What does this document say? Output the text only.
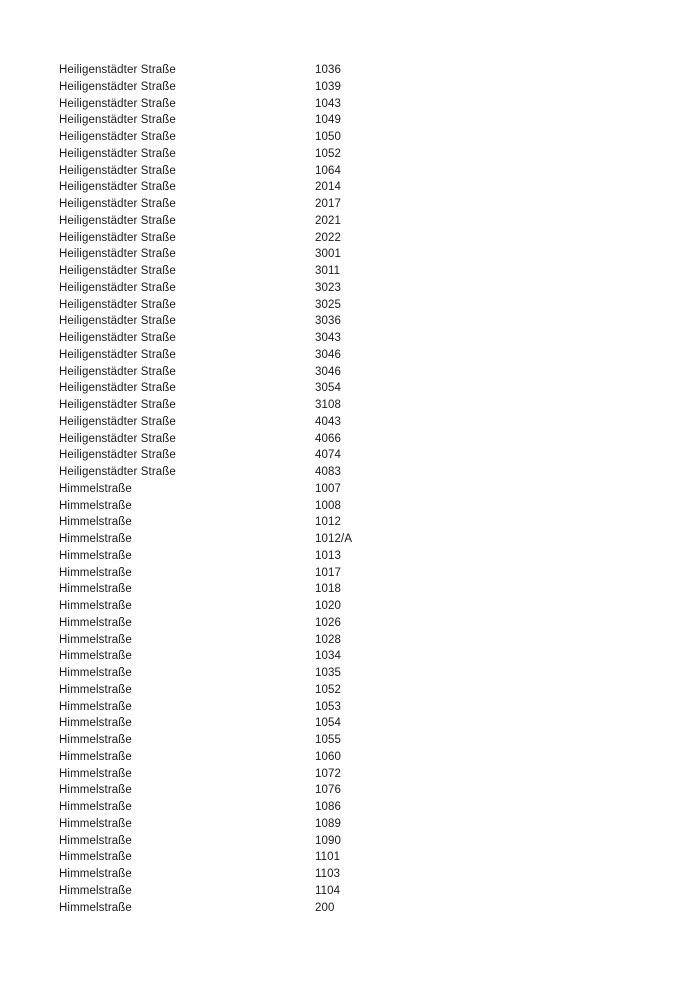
Heiligenstädter Straße	1036
Heiligenstädter Straße	1039
Heiligenstädter Straße	1043
Heiligenstädter Straße	1049
Heiligenstädter Straße	1050
Heiligenstädter Straße	1052
Heiligenstädter Straße	1064
Heiligenstädter Straße	2014
Heiligenstädter Straße	2017
Heiligenstädter Straße	2021
Heiligenstädter Straße	2022
Heiligenstädter Straße	3001
Heiligenstädter Straße	3011
Heiligenstädter Straße	3023
Heiligenstädter Straße	3025
Heiligenstädter Straße	3036
Heiligenstädter Straße	3043
Heiligenstädter Straße	3046
Heiligenstädter Straße	3046
Heiligenstädter Straße	3054
Heiligenstädter Straße	3108
Heiligenstädter Straße	4043
Heiligenstädter Straße	4066
Heiligenstädter Straße	4074
Heiligenstädter Straße	4083
Himmelstraße	1007
Himmelstraße	1008
Himmelstraße	1012
Himmelstraße	1012/A
Himmelstraße	1013
Himmelstraße	1017
Himmelstraße	1018
Himmelstraße	1020
Himmelstraße	1026
Himmelstraße	1028
Himmelstraße	1034
Himmelstraße	1035
Himmelstraße	1052
Himmelstraße	1053
Himmelstraße	1054
Himmelstraße	1055
Himmelstraße	1060
Himmelstraße	1072
Himmelstraße	1076
Himmelstraße	1086
Himmelstraße	1089
Himmelstraße	1090
Himmelstraße	1101
Himmelstraße	1103
Himmelstraße	1104
Himmelstraße	200
